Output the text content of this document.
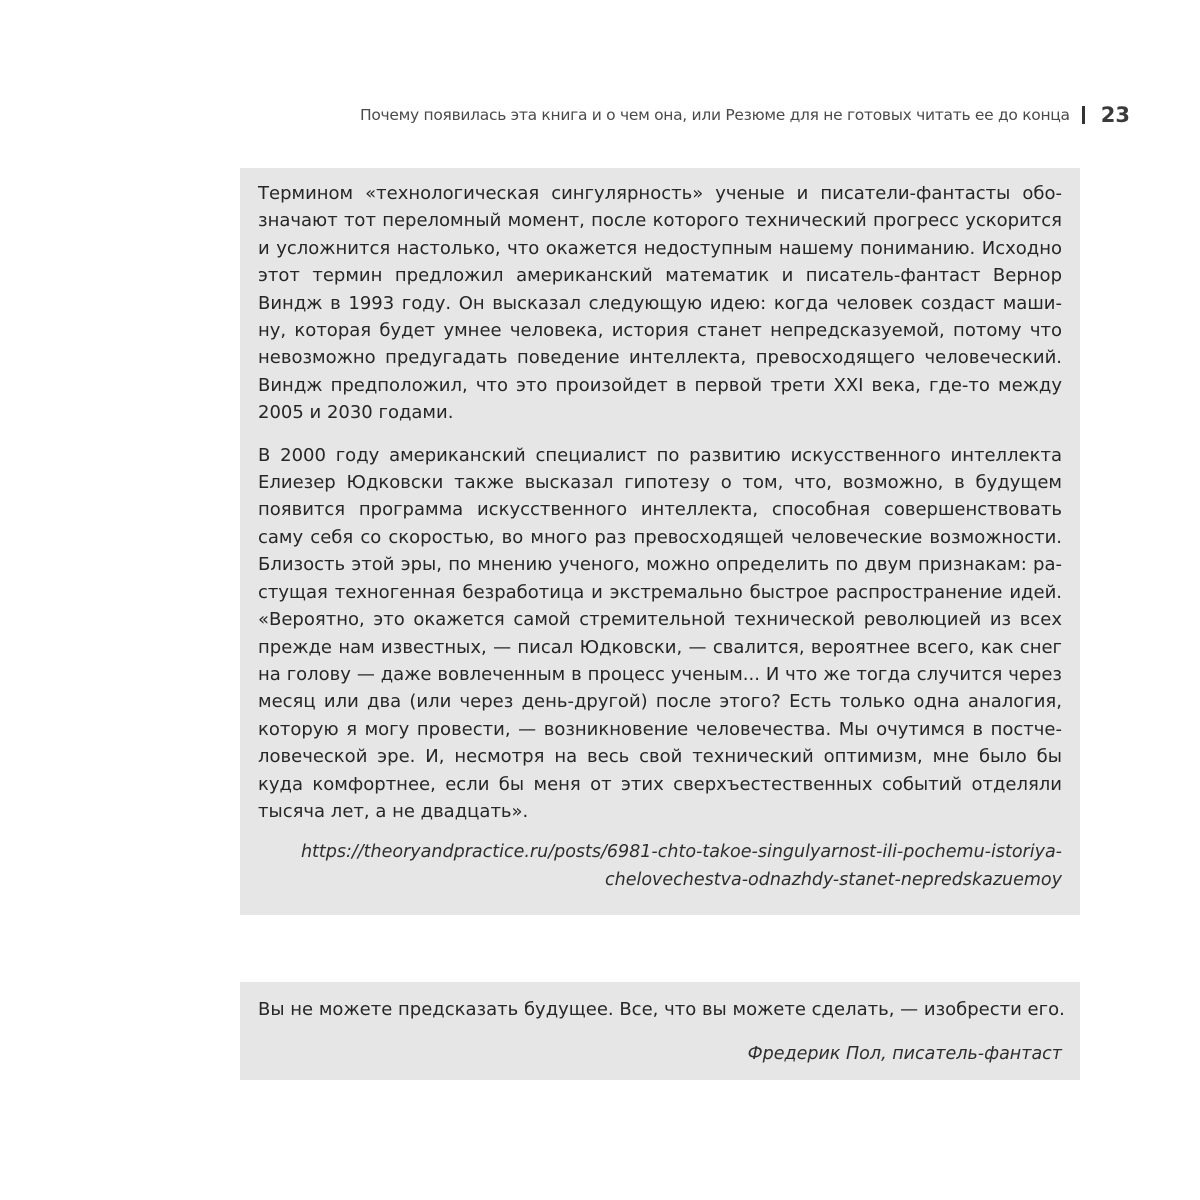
Почему появилась эта книга и о чем она, или Резюме для не готовых читать ее до конца 23

Термином «технологическая сингулярность» ученые и писатели-фантасты обозначают тот переломный момент, после которого технический прогресс ускорится и усложнится настолько, что окажется недоступным нашему пониманию. Исходно этот термин предложил американский математик и писатель-фантаст Вернор Виндж в 1993 году. Он высказал следующую идею: когда человек создаст машину, которая будет умнее человека, история станет непредсказуемой, потому что невозможно предугадать поведение интеллекта, превосходящего человеческий. Виндж предположил, что это произойдет в первой трети XXI века, где-то между 2005 и 2030 годами.

В 2000 году американский специалист по развитию искусственного интеллекта Елиезер Юдковски также высказал гипотезу о том, что, возможно, в будущем появится программа искусственного интеллекта, способная совершенствовать саму себя со скоростью, во много раз превосходящей человеческие возможности. Близость этой эры, по мнению ученого, можно определить по двум признакам: растущая техногенная безработица и экстремально быстрое распространение идей. «Вероятно, это окажется самой стремительной технической революцией из всех прежде нам известных, — писал Юдковски, — свалится, вероятнее всего, как снег на голову — даже вовлеченным в процесс ученым... И что же тогда случится через месяц или два (или через день-другой) после этого? Есть только одна аналогия, которую я могу провести, — возникновение человечества. Мы очутимся в постчеловеческой эре. И, несмотря на весь свой технический оптимизм, мне было бы куда комфортнее, если бы меня от этих сверхъестественных событий отделяли тысяча лет, а не двадцать».

https://theoryandpractice.ru/posts/6981-chto-takoe-singulyarnost-ili-pochemu-istoriya-
chelovechestva-odnazhdy-stanet-nepredskazuemoy

Вы не можете предсказать будущее. Все, что вы можете сделать, — изобрести его.

Фредерик Пол, писатель-фантаст
